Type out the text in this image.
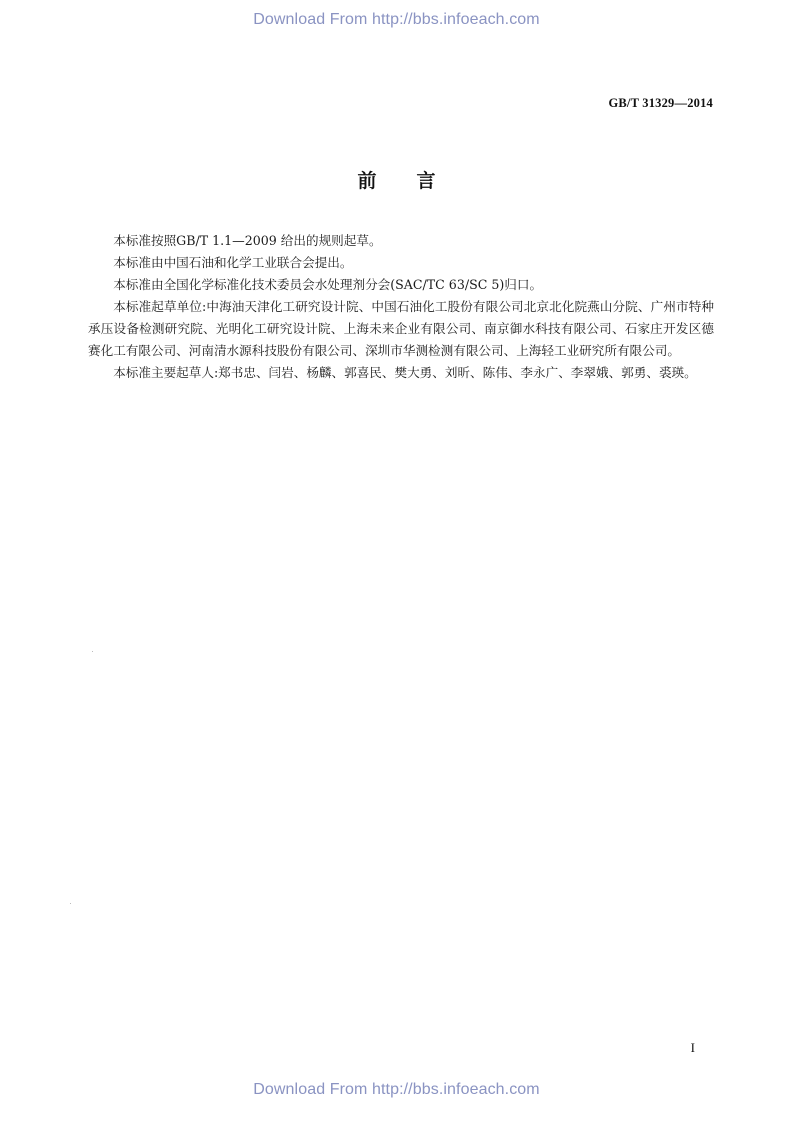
Download From http://bbs.infoeach.com
GB/T 31329—2014
前言

本标准按照GB/T 1.1—2009 给出的规则起草。

本标准由中国石油和化学工业联合会提出。

本标准由全国化学标准化技术委员会水处理剂分会(SAC/TC 63/SC 5)归口。

本标准起草单位:中海油天津化工研究设计院、中国石油化工股份有限公司北京北化院燕山分院、广州市特种承压设备检测研究院、光明化工研究设计院、上海未来企业有限公司、南京御水科技有限公司、石家庄开发区德赛化工有限公司、河南清水源科技股份有限公司、深圳市华测检测有限公司、上海轻工业研究所有限公司。

本标准主要起草人:郑书忠、闫岩、杨麟、郭喜民、樊大勇、刘昕、陈伟、李永广、李翠娥、郭勇、裘瑛。

I
Download From http://bbs.infoeach.com
